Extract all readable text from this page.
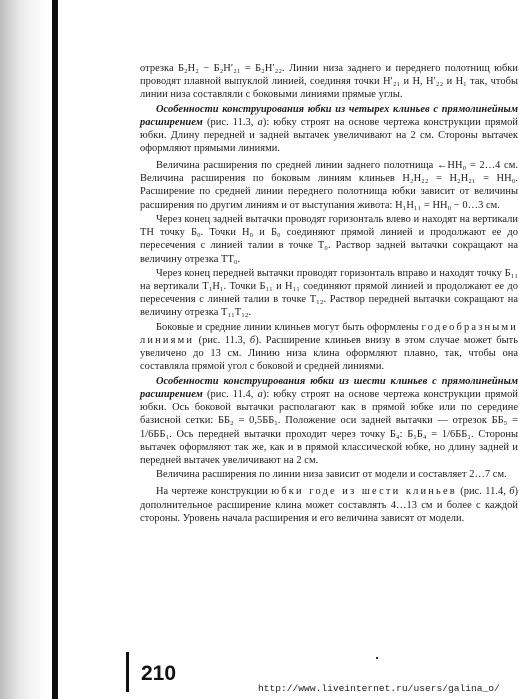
отрезка Б₂Н₂ − Б₂Н′₂₁ = Б₂Н′₂₂. Линии низа заднего и переднего полотнищ юбки проводят плавной выпуклой линией, соединяя точки Н′₂₁ и Н, Н′₂₂ и Н₁ так, чтобы линии низа составляли с боковыми линиями прямые углы.

Особенности конструирования юбки из четырех клиньев с прямолинейным расширением (рис. 11.3, а): юбку строят на основе чертежа конструкции прямой юбки. Длину передней и задней вытачек увеличивают на 2 см. Стороны вытачек оформляют прямыми линиями.

Величина расширения по средней линии заднего полотнища ←НН₀ = 2…4 см. Величина расширения по боковым линиям клиньев Н₂Н₂₂ = Н₂Н₂₁ = НН₀. Расширение по средней линии переднего полотнища юбки зависит от величины расширения по другим линиям и от выступания живота: Н₁Н₁₁ = НН₀ − 0…3 см.

Через конец задней вытачки проводят горизонталь влево и находят на вертикали ТН точку Б₀. Точки Н₀ и Б₀ соединяют прямой линией и продолжают ее до пересечения с линией талии в точке Т₀. Раствор задней вытачки сокращают на величину отрезка ТТ₀.

Через конец передней вытачки проводят горизонталь вправо и находят точку Б₁₁ на вертикали Т₁Н₁. Точки Б₁₁ и Н₁₁ соединяют прямой линией и продолжают ее до пересечения с линией талии в точке Т₁₂. Раствор передней вытачки сокращают на величину отрезка Т₁₁Т₁₂.

Боковые и средние линии клиньев могут быть оформлены годеобразными линиями (рис. 11.3, б). Расширение клиньев внизу в этом случае может быть увеличено до 13 см. Линию низа клина оформляют плавно, так, чтобы она составляла прямой угол с боковой и средней линиями.

Особенности конструирования юбки из шести клиньев с прямолинейным расширением (рис. 11.4, а): юбку строят на основе чертежа конструкции прямой юбки. Ось боковой вытачки располагают как в прямой юбке или по середине базисной сетки: ББ₂ = 0,5ББ₁. Положение оси задней вытачки — отрезок ББ₅ = 1/6ББ₁. Ось передней вытачки проходит через точку Б₄: Б₁Б₄ = 1/6ББ₁. Стороны вытачек оформляют так же, как и в прямой классической юбке, но длину задней и передней вытачек увеличивают на 2 см.

Величина расширения по линии низа зависит от модели и составляет 2…7 см.

На чертеже конструкции юбки годе из шести клиньев (рис. 11.4, б) дополнительное расширение клина может составлять 4…13 см и более с каждой стороны. Уровень начала расширения и его величина зависят от модели.

210
http://www.liveinternet.ru/users/galina_o/
